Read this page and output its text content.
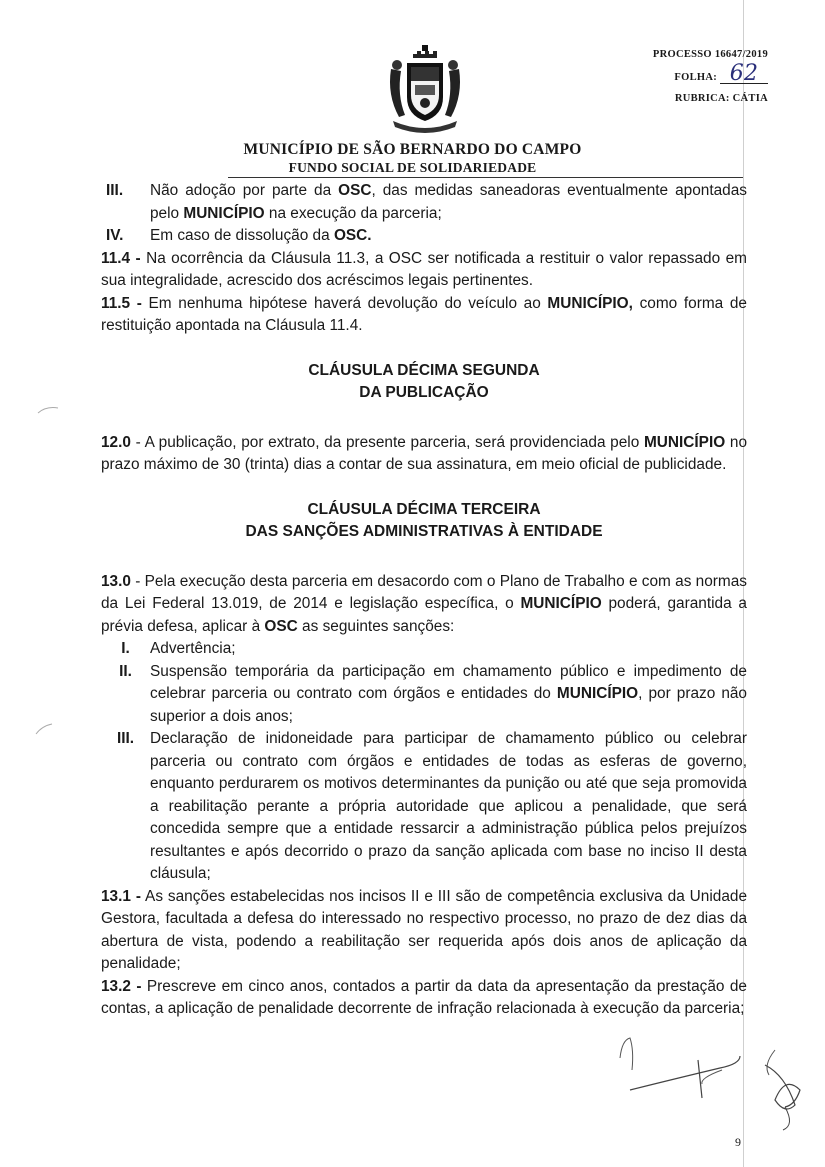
PROCESSO 16647/2019
FOLHA: 62
RUBRICA: CÁTIA
MUNICÍPIO DE SÃO BERNARDO DO CAMPO
FUNDO SOCIAL DE SOLIDARIEDADE
III.	Não adoção por parte da OSC, das medidas saneadoras eventualmente apontadas pelo MUNICÍPIO na execução da parceria;
IV.	Em caso de dissolução da OSC.

11.4 - Na ocorrência da Cláusula 11.3, a OSC ser notificada a restituir o valor repassado em sua integralidade, acrescido dos acréscimos legais pertinentes.

11.5 - Em nenhuma hipótese haverá devolução do veículo ao MUNICÍPIO, como forma de restituição apontada na Cláusula 11.4.

CLÁUSULA DÉCIMA SEGUNDA
DA PUBLICAÇÃO

12.0 - A publicação, por extrato, da presente parceria, será providenciada pelo MUNICÍPIO no prazo máximo de 30 (trinta) dias a contar de sua assinatura, em meio oficial de publicidade.

CLÁUSULA DÉCIMA TERCEIRA
DAS SANÇÕES ADMINISTRATIVAS À ENTIDADE

13.0 - Pela execução desta parceria em desacordo com o Plano de Trabalho e com as normas da Lei Federal 13.019, de 2014 e legislação específica, o MUNICÍPIO poderá, garantida a prévia defesa, aplicar à OSC as seguintes sanções:

I.	Advertência;
II.	Suspensão temporária da participação em chamamento público e impedimento de celebrar parceria ou contrato com órgãos e entidades do MUNICÍPIO, por prazo não superior a dois anos;
III.	Declaração de inidoneidade para participar de chamamento público ou celebrar parceria ou contrato com órgãos e entidades de todas as esferas de governo, enquanto perdurarem os motivos determinantes da punição ou até que seja promovida a reabilitação perante a própria autoridade que aplicou a penalidade, que será concedida sempre que a entidade ressarcir a administração pública pelos prejuízos resultantes e após decorrido o prazo da sanção aplicada com base no inciso II desta cláusula;

13.1 - As sanções estabelecidas nos incisos II e III são de competência exclusiva da Unidade Gestora, facultada a defesa do interessado no respectivo processo, no prazo de dez dias da abertura de vista, podendo a reabilitação ser requerida após dois anos de aplicação da penalidade;

13.2 - Prescreve em cinco anos, contados a partir da data da apresentação da prestação de contas, a aplicação de penalidade decorrente de infração relacionada à execução da parceria;

9
